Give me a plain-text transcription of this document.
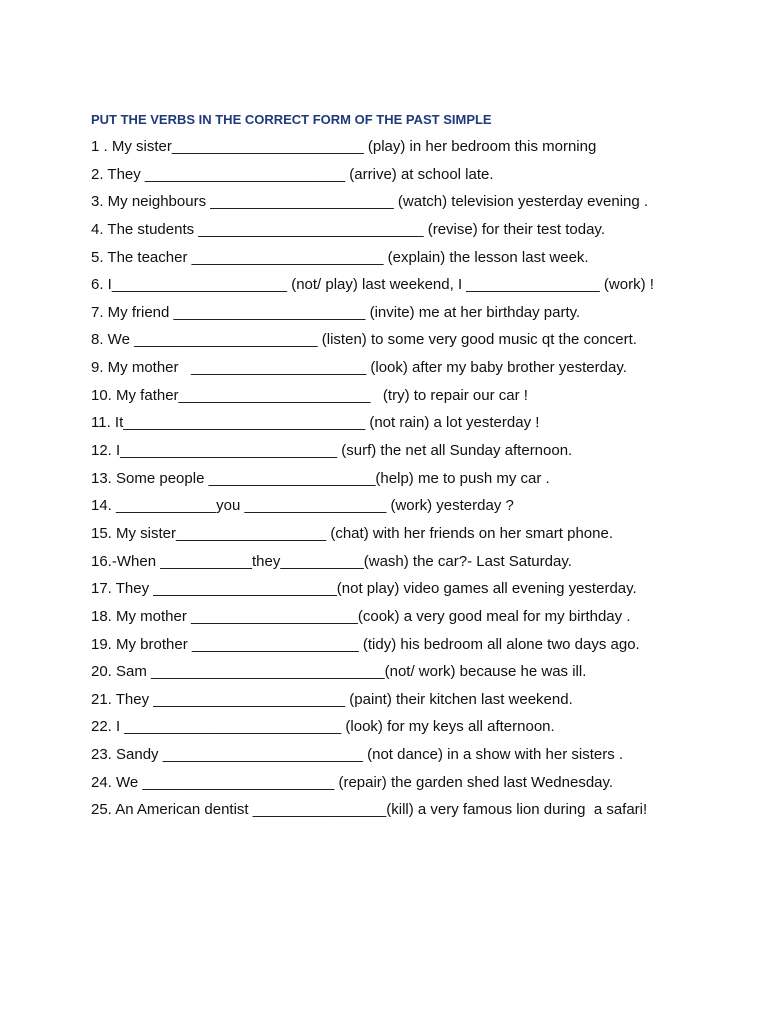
PUT THE VERBS IN THE CORRECT FORM OF THE PAST SIMPLE
1 . My sister_______________________ (play) in her bedroom this morning
2. They ________________________ (arrive) at school late.
3. My neighbours ______________________ (watch) television yesterday evening .
4. The students ___________________________ (revise) for their test today.
5. The teacher _______________________ (explain) the lesson last week.
6. I_____________________ (not/ play) last weekend, I ________________ (work) !
7. My friend _______________________ (invite) me at her birthday party.
8. We ______________________ (listen) to some very good music qt the concert.
9. My mother   _____________________ (look) after my baby brother yesterday.
10. My father_______________________   (try) to repair our car !
11. It_____________________________ (not rain) a lot yesterday !
12. I__________________________ (surf) the net all Sunday afternoon.
13. Some people ____________________(help) me to push my car .
14. ____________you _________________ (work) yesterday ?
15. My sister__________________ (chat) with her friends on her smart phone.
16.-When ___________they__________(wash) the car?- Last Saturday.
17. They ______________________(not play) video games all evening yesterday.
18. My mother ____________________(cook) a very good meal for my birthday .
19. My brother ____________________ (tidy) his bedroom all alone two days ago.
20. Sam ____________________________(not/ work) because he was ill.
21. They _______________________ (paint) their kitchen last weekend.
22. I __________________________ (look) for my keys all afternoon.
23. Sandy ________________________ (not dance) in a show with her sisters .
24. We _______________________ (repair) the garden shed last Wednesday.
25. An American dentist ________________(kill) a very famous lion during  a safari!
